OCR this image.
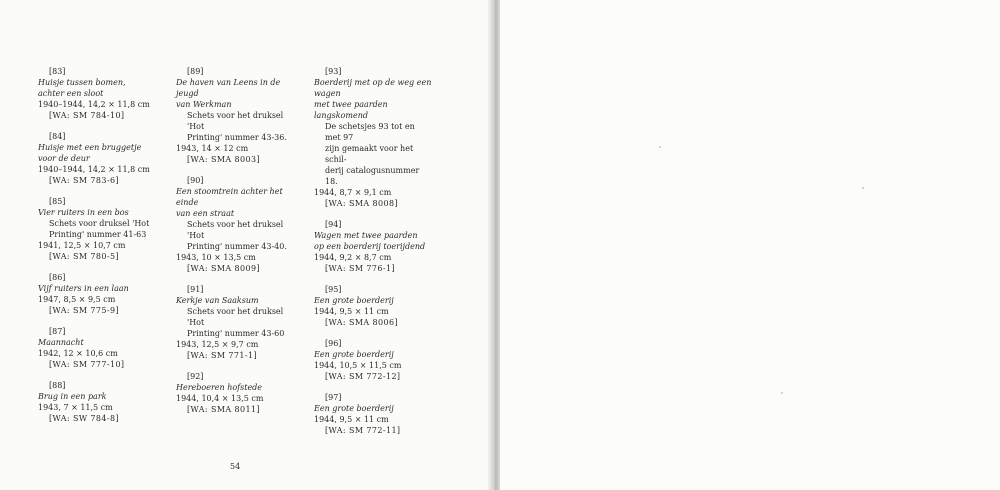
[83]
Huisje tussen bomen,
achter een sloot
1940–1944, 14,2 × 11,8 cm
[WA: SM 784-10]
[84]
Huisje met een bruggetje
voor de deur
1940–1944, 14,2 × 11,8 cm
[WA: SM 783-6]
[85]
Vier ruiters in een bos
Schets voor druksel 'Hot
Printing' nummer 41-63
1941, 12,5 × 10,7 cm
[WA: SM 780-5]
[86]
Vijf ruiters in een laan
1947, 8,5 × 9,5 cm
[WA: SM 775-9]
[87]
Maannacht
1942, 12 × 10,6 cm
[WA: SM 777-10]
[88]
Brug in een park
1943, 7 × 11,5 cm
[WA: SW 784-8]
[89]
De haven van Leens in de jeugd
van Werkman
Schets voor het druksel 'Hot
Printing' nummer 43-36.
1943, 14 × 12 cm
[WA: SMA 8003]
[90]
Een stoomtrein achter het einde
van een straat
Schets voor het druksel 'Hot
Printing' nummer 43-40.
1943, 10 × 13,5 cm
[WA: SMA 8009]
[91]
Kerkje van Saaksum
Schets voor het druksel 'Hot
Printing' nummer 43-60
1943, 12,5 × 9,7 cm
[WA: SM 771-1]
[92]
Hereboeren hofstede
1944, 10,4 × 13,5 cm
[WA: SMA 8011]
[93]
Boerderij met op de weg een wagen
met twee paarden langskomend
De schetsjes 93 tot en met 97
zijn gemaakt voor het schil-
derij catalogusnummer 18.
1944, 8,7 × 9,1 cm
[WA: SMA 8008]
[94]
Wagen met twee paarden
op een boerderij toerijdend
1944, 9,2 × 8,7 cm
[WA: SM 776-1]
[95]
Een grote boerderij
1944, 9,5 × 11 cm
[WA: SMA 8006]
[96]
Een grote boerderij
1944, 10,5 × 11,5 cm
[WA: SM 772-12]
[97]
Een grote boerderij
1944, 9,5 × 11 cm
[WA: SM 772-11]
54
